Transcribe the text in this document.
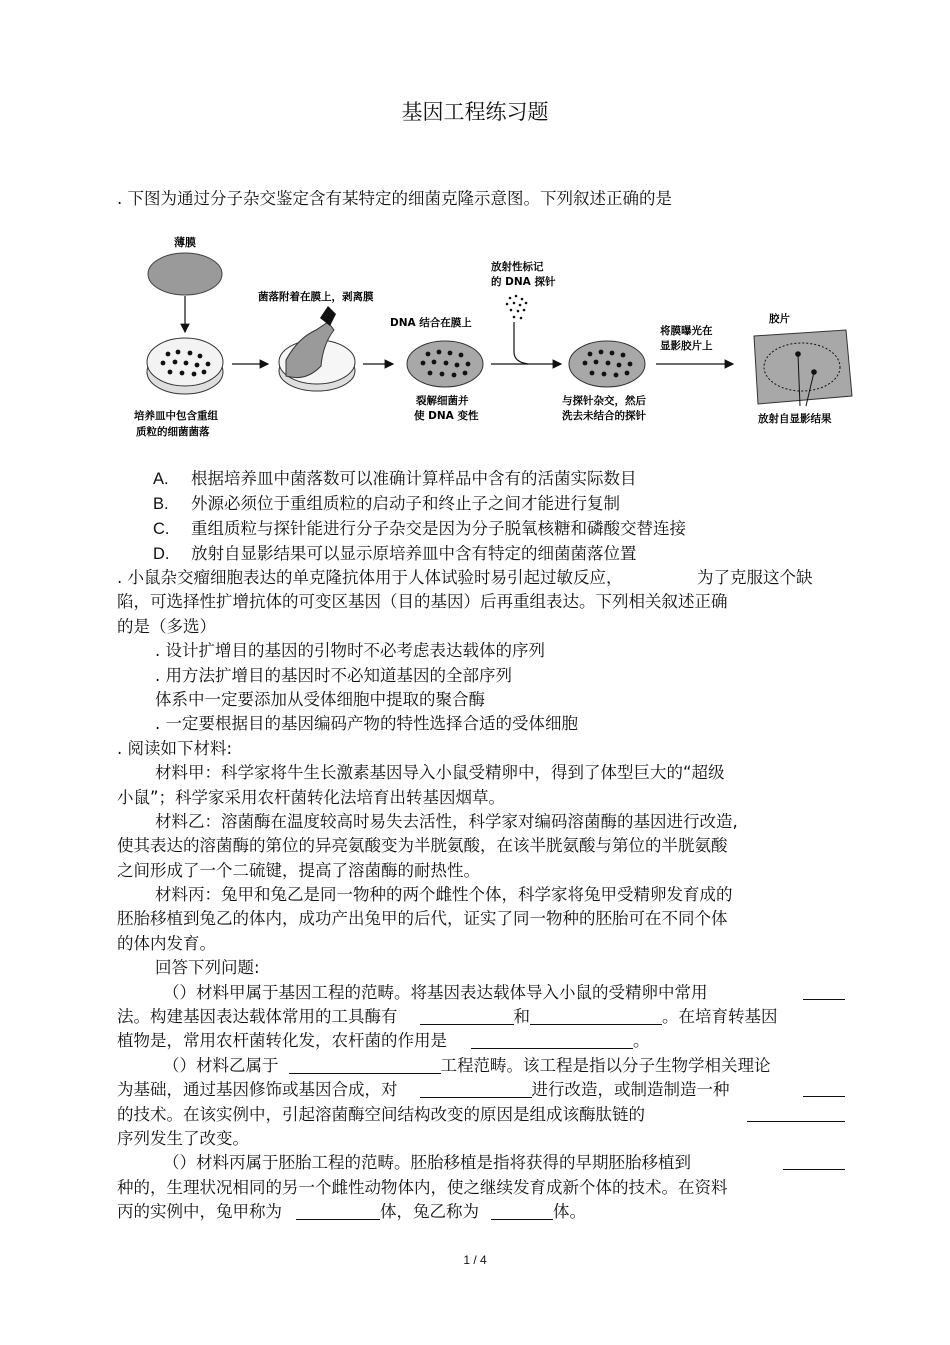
基因工程练习题
. 下图为通过分子杂交鉴定含有某特定的细菌克隆示意图。下列叙述正确的是
薄膜
培养皿中包含重组
质粒的细菌菌落
菌落附着在膜上，剥离膜
DNA 结合在膜上
裂解细菌并
使 DNA 变性
放射性标记
的 DNA 探针
与探针杂交，然后
洗去未结合的探针
将膜曝光在
显影胶片上
胶片
放射自显影结果
A. 根据培养皿中菌落数可以准确计算样品中含有的活菌实际数目
B. 外源必须位于重组质粒的启动子和终止子之间才能进行复制
C. 重组质粒与探针能进行分子杂交是因为分子脱氧核糖和磷酸交替连接
D. 放射自显影结果可以显示原培养皿中含有特定的细菌菌落位置
. 小鼠杂交瘤细胞表达的单克隆抗体用于人体试验时易引起过敏反应，	为了克服这个缺
陷，可选择性扩增抗体的可变区基因（目的基因）后再重组表达。下列相关叙述正确
的是（多选）
. 设计扩增目的基因的引物时不必考虑表达载体的序列
. 用方法扩增目的基因时不必知道基因的全部序列
体系中一定要添加从受体细胞中提取的聚合酶
. 一定要根据目的基因编码产物的特性选择合适的受体细胞
. 阅读如下材料:
材料甲：科学家将牛生长激素基因导入小鼠受精卵中，得到了体型巨大的“超级
小鼠”；科学家采用农杆菌转化法培育出转基因烟草。
材料乙：溶菌酶在温度较高时易失去活性，科学家对编码溶菌酶的基因进行改造,
使其表达的溶菌酶的第位的异亮氨酸变为半胱氨酸，在该半胱氨酸与第位的半胱氨酸
之间形成了一个二硫键，提高了溶菌酶的耐热性。
材料丙：兔甲和兔乙是同一物种的两个雌性个体，科学家将兔甲受精卵发育成的
胚胎移植到兔乙的体内，成功产出兔甲的后代，证实了同一物种的胚胎可在不同个体
的体内发育。
回答下列问题:
（）材料甲属于基因工程的范畴。将基因表达载体导入小鼠的受精卵中常用
法。构建基因表达载体常用的工具酶有	和	。在培育转基因
植物是，常用农杆菌转化发，农杆菌的作用是	。
（）材料乙属于	工程范畴。该工程是指以分子生物学相关理论
为基础，通过基因修饰或基因合成，对	进行改造，或制造制造一种
的技术。在该实例中，引起溶菌酶空间结构改变的原因是组成该酶肽链的
序列发生了改变。
（）材料丙属于胚胎工程的范畴。胚胎移植是指将获得的早期胚胎移植到
种的，生理状况相同的另一个雌性动物体内，使之继续发育成新个体的技术。在资料
丙的实例中，兔甲称为	体，兔乙称为	体。
1 / 4
